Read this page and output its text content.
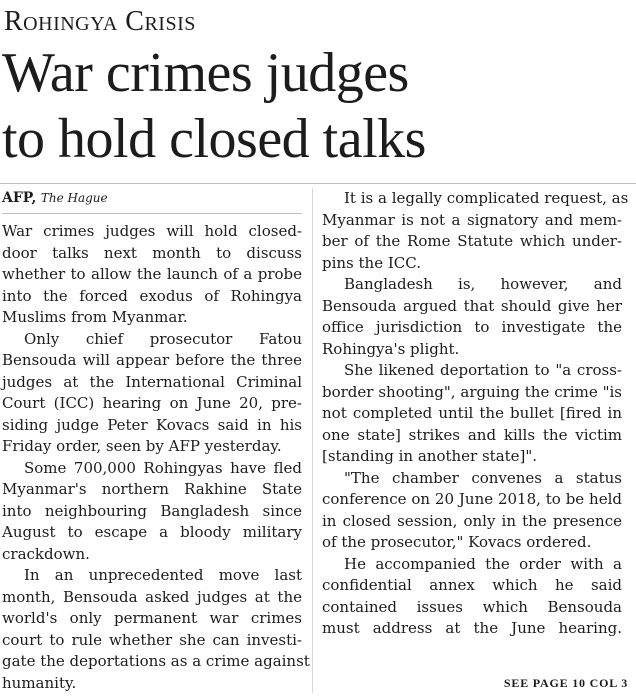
Rohingya Crisis
War crimes judges
to hold closed talks
AFP, The Hague
War crimes judges will hold closed-
door talks next month to discuss
whether to allow the launch of a probe
into the forced exodus of Rohingya
Muslims from Myanmar.
Only chief prosecutor Fatou
Bensouda will appear before the three
judges at the International Criminal
Court (ICC) hearing on June 20, pre-
siding judge Peter Kovacs said in his
Friday order, seen by AFP yesterday.
Some 700,000 Rohingyas have fled
Myanmar's northern Rakhine State
into neighbouring Bangladesh since
August to escape a bloody military
crackdown.
In an unprecedented move last
month, Bensouda asked judges at the
world's only permanent war crimes
court to rule whether she can investi-
gate the deportations as a crime against
humanity.
It is a legally complicated request, as
Myanmar is not a signatory and mem-
ber of the Rome Statute which under-
pins the ICC.
Bangladesh is, however, and
Bensouda argued that should give her
office jurisdiction to investigate the
Rohingya's plight.
She likened deportation to "a cross-
border shooting", arguing the crime "is
not completed until the bullet [fired in
one state] strikes and kills the victim
[standing in another state]".
"The chamber convenes a status
conference on 20 June 2018, to be held
in closed session, only in the presence
of the prosecutor," Kovacs ordered.
He accompanied the order with a
confidential annex which he said
contained issues which Bensouda
must address at the June hearing.
SEE PAGE 10 COL 3
